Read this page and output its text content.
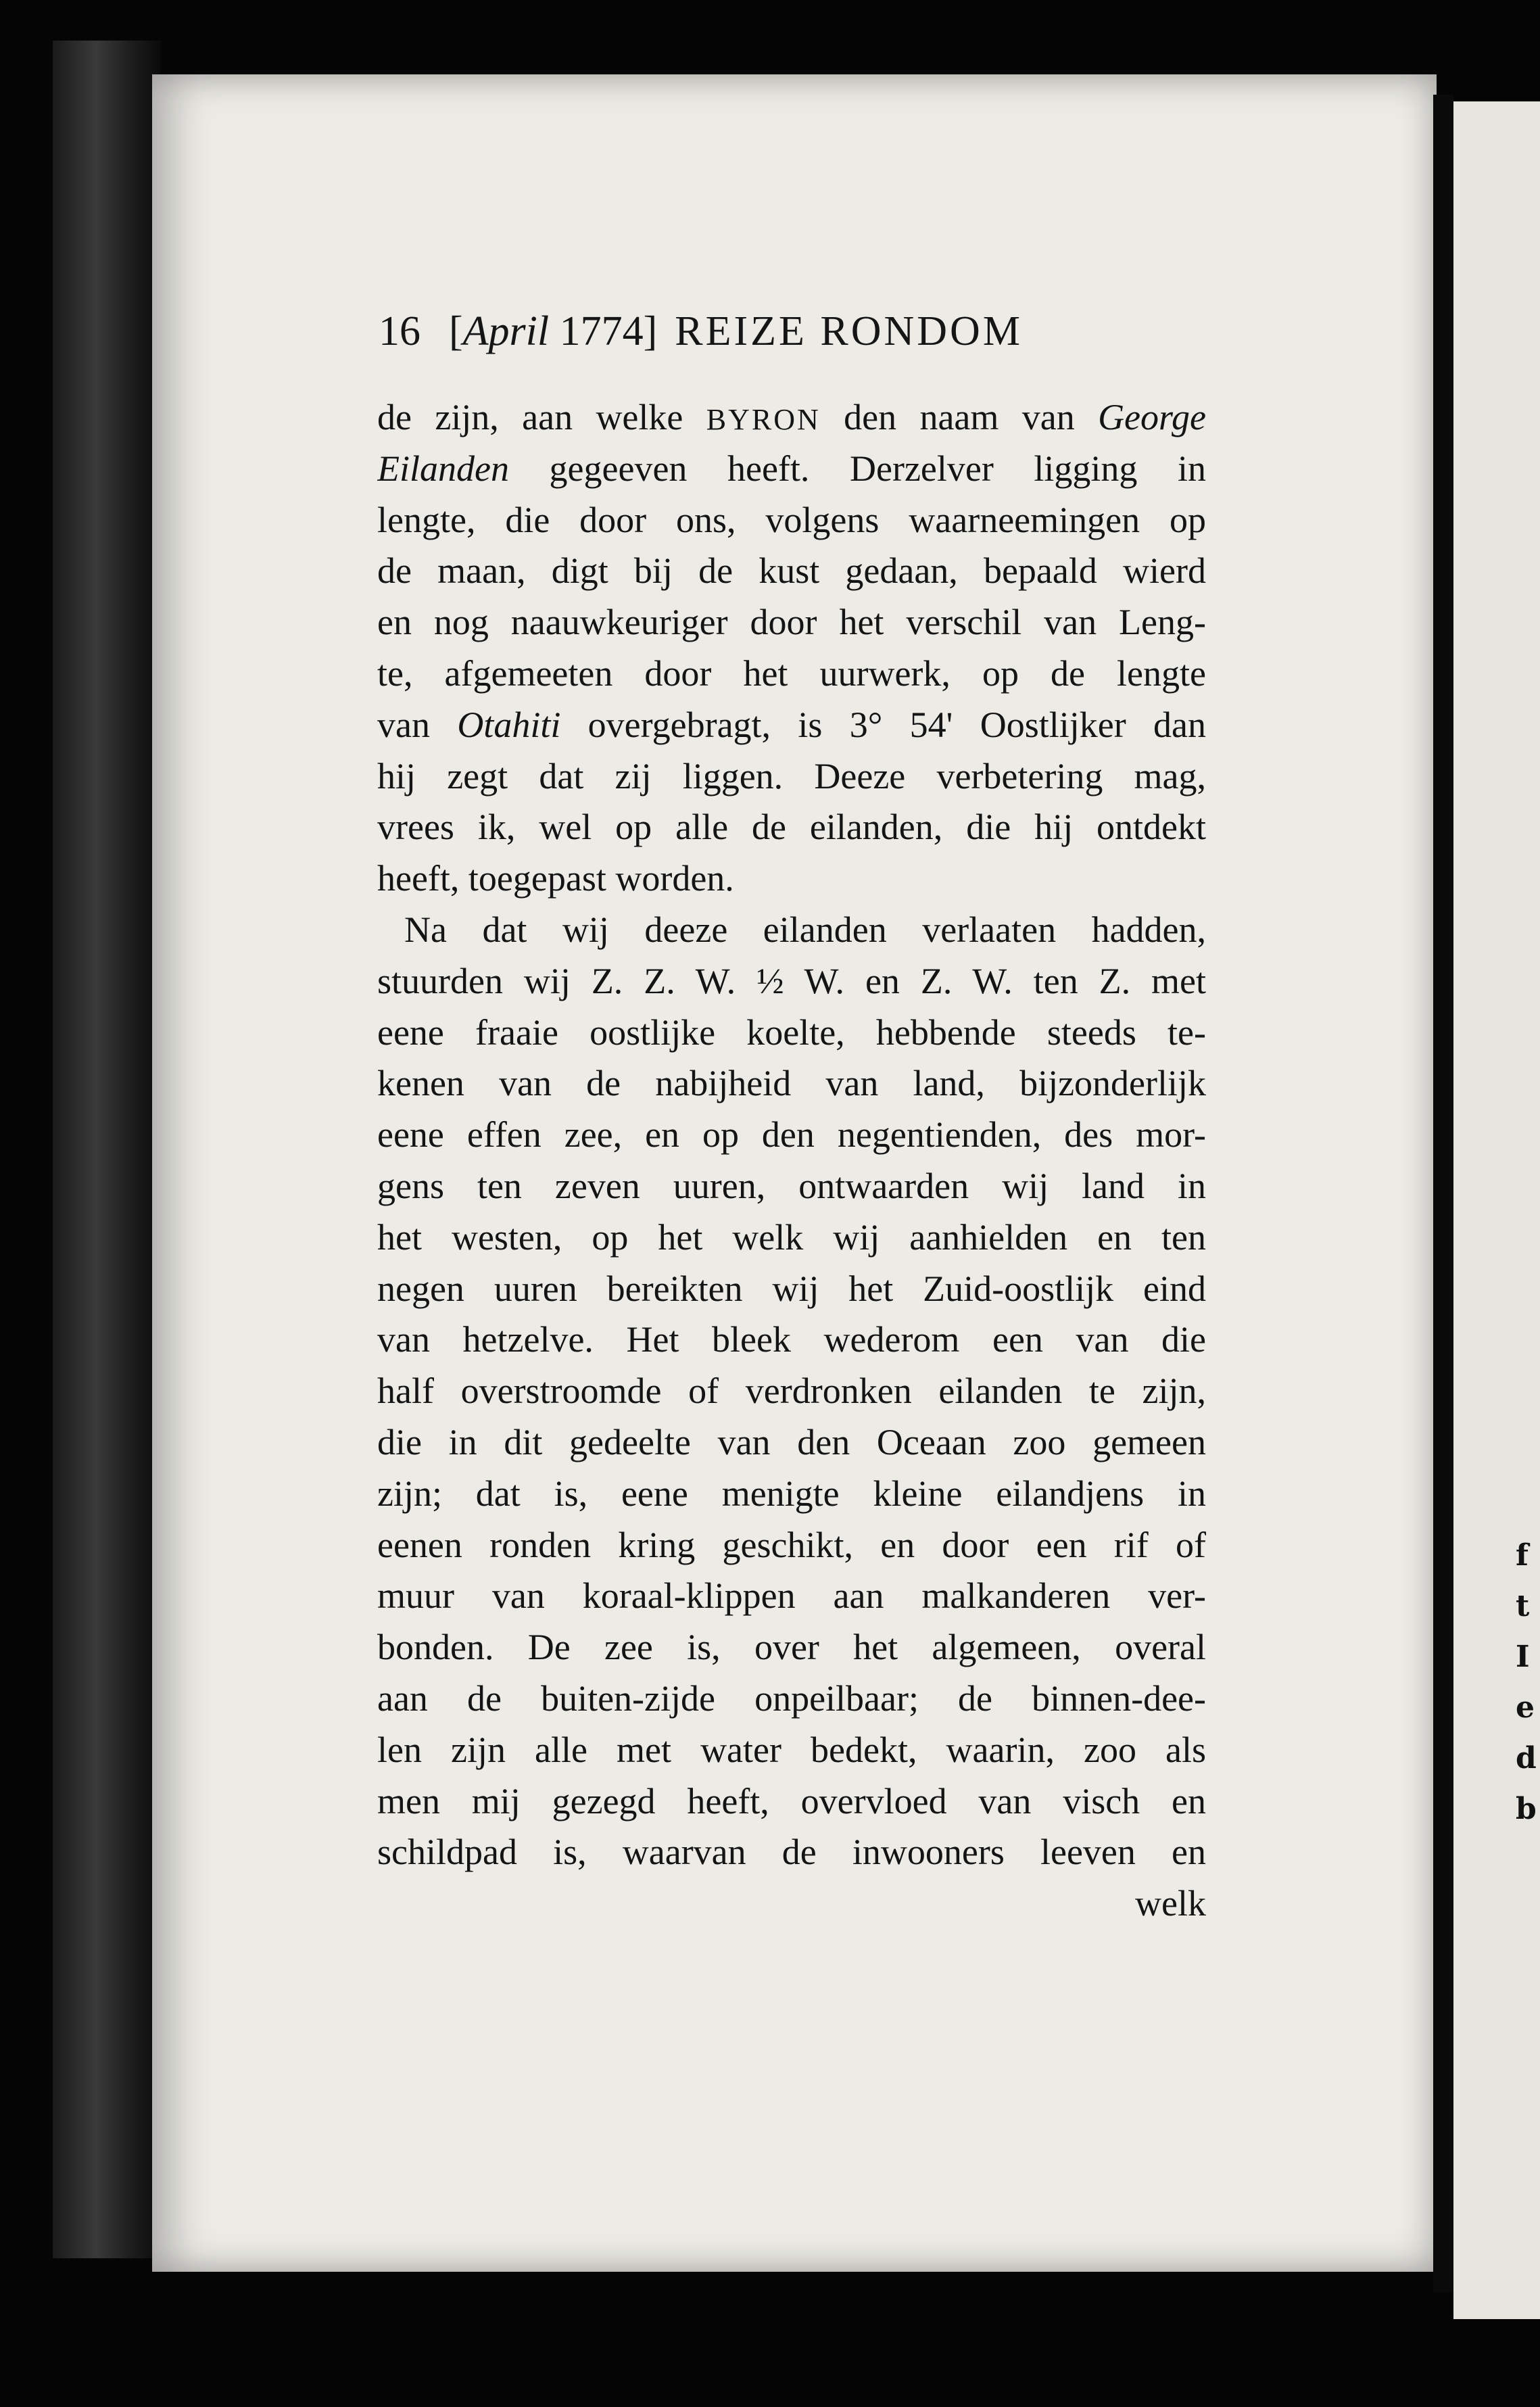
f
t
I
e
d
b
16 [April 1774] REIZE RONDOM
de zijn, aan welke BYRON den naam van George
Eilanden gegeeven heeft. Derzelver ligging in
lengte, die door ons, volgens waarneemingen op
de maan, digt bij de kust gedaan, bepaald wierd
en nog naauwkeuriger door het verschil van Leng-
te, afgemeeten door het uurwerk, op de lengte
van Otahiti overgebragt, is 3° 54' Oostlijker dan
hij zegt dat zij liggen. Deeze verbetering mag,
vrees ik, wel op alle de eilanden, die hij ontdekt
heeft, toegepast worden.
Na dat wij deeze eilanden verlaaten hadden,
stuurden wij Z. Z. W. ½ W. en Z. W. ten Z. met
eene fraaie oostlijke koelte, hebbende steeds te-
kenen van de nabijheid van land, bijzonderlijk
eene effen zee, en op den negentienden, des mor-
gens ten zeven uuren, ontwaarden wij land in
het westen, op het welk wij aanhielden en ten
negen uuren bereikten wij het Zuid-oostlijk eind
van hetzelve. Het bleek wederom een van die
half overstroomde of verdronken eilanden te zijn,
die in dit gedeelte van den Oceaan zoo gemeen
zijn; dat is, eene menigte kleine eilandjens in
eenen ronden kring geschikt, en door een rif of
muur van koraal-klippen aan malkanderen ver-
bonden. De zee is, over het algemeen, overal
aan de buiten-zijde onpeilbaar; de binnen-dee-
len zijn alle met water bedekt, waarin, zoo als
men mij gezegd heeft, overvloed van visch en
schildpad is, waarvan de inwooners leeven en
welk
